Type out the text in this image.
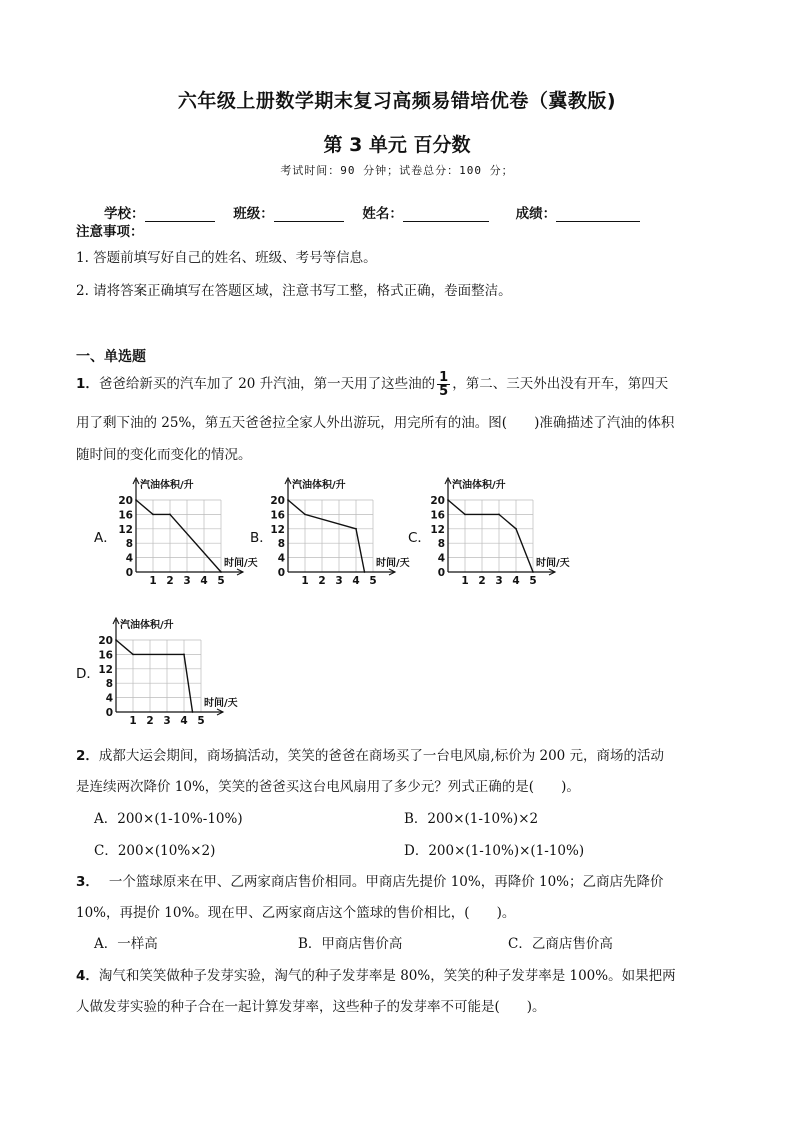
六年级上册数学期末复习高频易错培优卷（冀教版)
第 3 单元 百分数
考试时间：90 分钟；试卷总分：100 分；
学校：	班级：	姓名：	成绩：
注意事项：
1. 答题前填写好自己的姓名、班级、考号等信息。
2. 请将答案正确填写在答题区域，注意书写工整，格式正确，卷面整洁。
一、单选题
1．爸爸给新买的汽车加了 20 升汽油，第一天用了这些油的 $\frac{1}{5}$ ，第二、三天外出没有开车，第四天
用了剩下油的 25%，第五天爸爸拉全家人外出游玩，用完所有的油。图(　　)准确描述了汽油的体积
随时间的变化而变化的情况。
A．	B．	C．
D．
20
16
12
8
4
0
1 2 3 4 5
汽油体积/升
时间/天
20
16
12
8
4
0
1 2 3 4 5
汽油体积/升
时间/天
20
16
12
8
4
0
1 2 3 4 5
汽油体积/升
时间/天
20
16
12
8
4
0
1 2 3 4 5
汽油体积/升
时间/天
2．成都大运会期间，商场搞活动，笑笑的爸爸在商场买了一台电风扇,标价为 200 元，商场的活动
是连续两次降价 10%，笑笑的爸爸买这台电风扇用了多少元？列式正确的是(　　)。
A．200×(1-10%-10%)	B．200×(1-10%)×2
C．200×(10%×2)	D．200×(1-10%)×(1-10%)
3． 一个篮球原来在甲、乙两家商店售价相同。甲商店先提价 10%，再降价 10%；乙商店先降价
10%，再提价 10%。现在甲、乙两家商店这个篮球的售价相比，(　　)。
A．一样高	B．甲商店售价高	C．乙商店售价高
4．淘气和笑笑做种子发芽实验，淘气的种子发芽率是 80%，笑笑的种子发芽率是 100%。如果把两
人做发芽实验的种子合在一起计算发芽率，这些种子的发芽率不可能是(　　)。
